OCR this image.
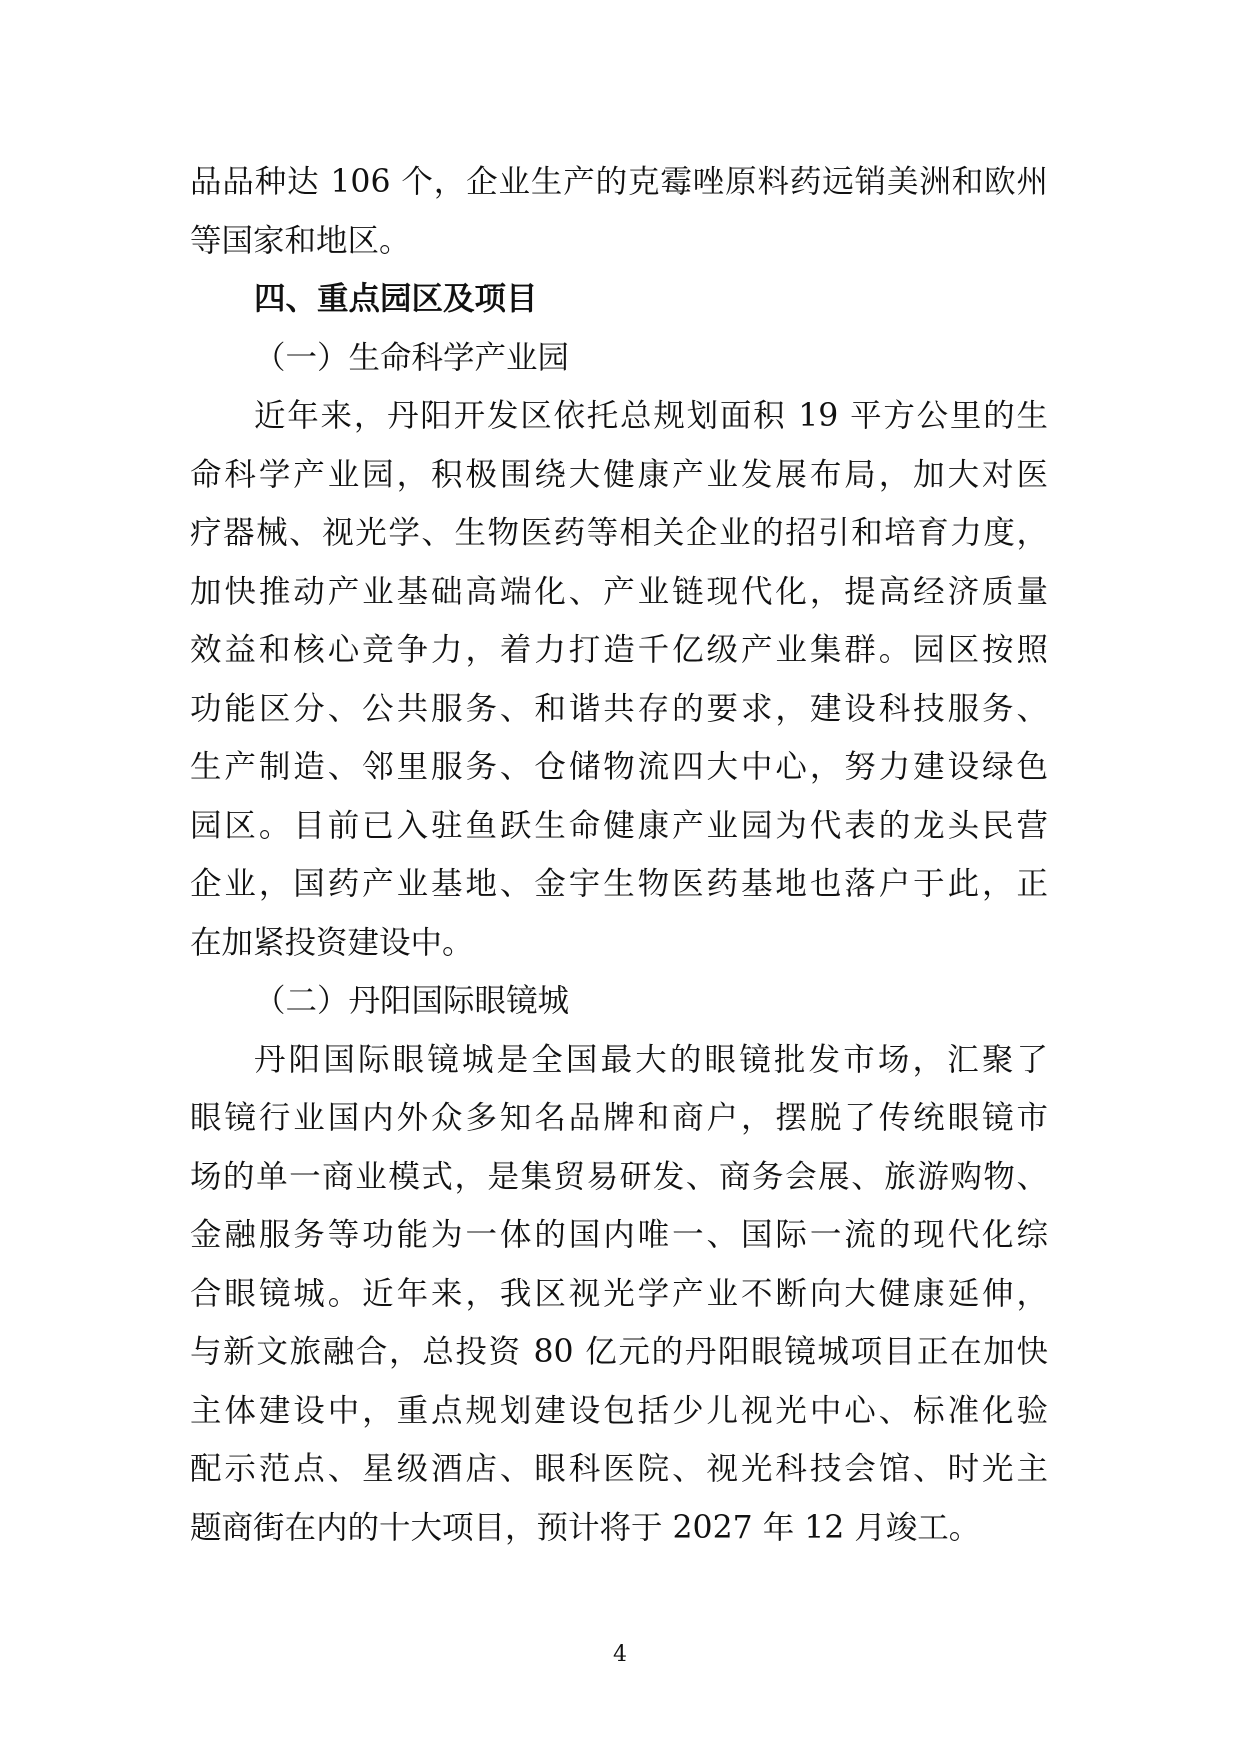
品品种达 106 个，企业生产的克霉唑原料药远销美洲和欧州
等国家和地区。
四、重点园区及项目
（一）生命科学产业园
近年来，丹阳开发区依托总规划面积 19 平方公里的生
命科学产业园，积极围绕大健康产业发展布局，加大对医
疗器械、视光学、生物医药等相关企业的招引和培育力度，
加快推动产业基础高端化、产业链现代化，提高经济质量
效益和核心竞争力，着力打造千亿级产业集群。园区按照
功能区分、公共服务、和谐共存的要求，建设科技服务、
生产制造、邻里服务、仓储物流四大中心，努力建设绿色
园区。目前已入驻鱼跃生命健康产业园为代表的龙头民营
企业，国药产业基地、金宇生物医药基地也落户于此，正
在加紧投资建设中。
（二）丹阳国际眼镜城
丹阳国际眼镜城是全国最大的眼镜批发市场，汇聚了
眼镜行业国内外众多知名品牌和商户，摆脱了传统眼镜市
场的单一商业模式，是集贸易研发、商务会展、旅游购物、
金融服务等功能为一体的国内唯一、国际一流的现代化综
合眼镜城。近年来，我区视光学产业不断向大健康延伸，
与新文旅融合，总投资 80 亿元的丹阳眼镜城项目正在加快
主体建设中，重点规划建设包括少儿视光中心、标准化验
配示范点、星级酒店、眼科医院、视光科技会馆、时光主
题商街在内的十大项目，预计将于 2027 年 12 月竣工。
4
